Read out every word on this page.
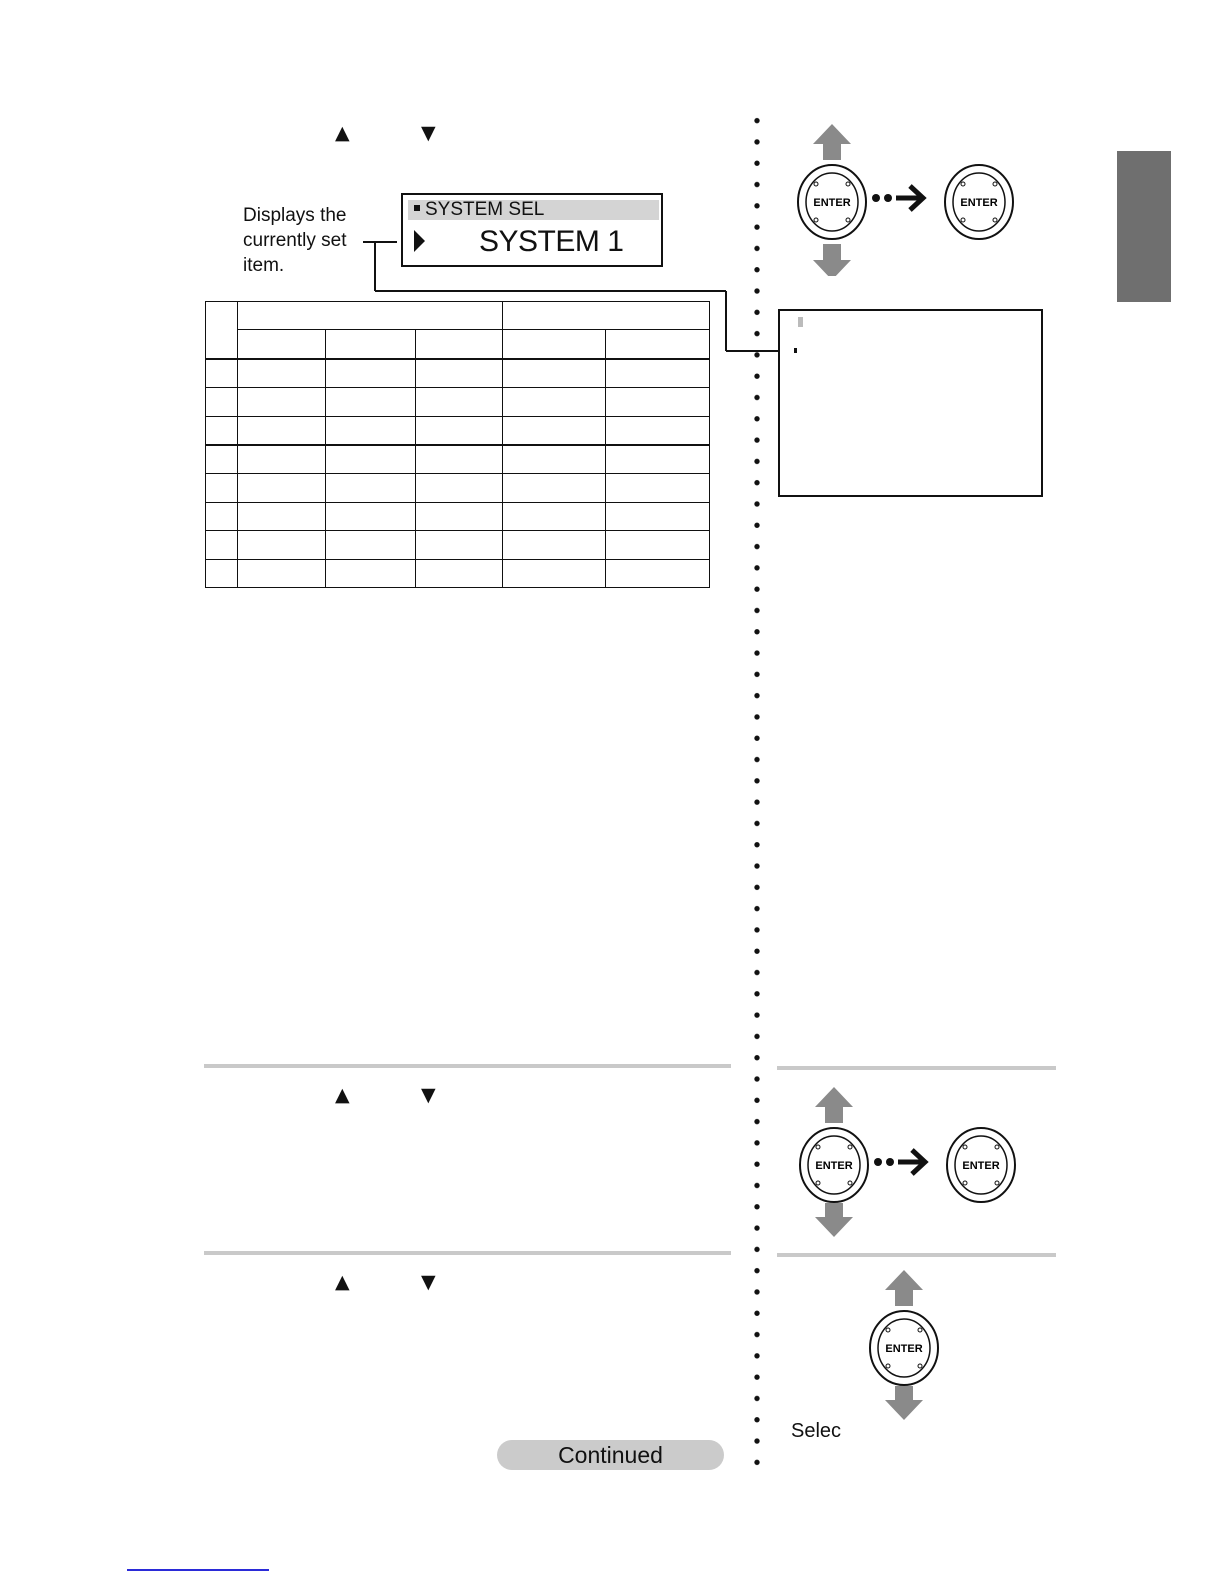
▲	▼
Displays the
currently set
item.
SYSTEM SEL
SYSTEM 1

ENTER	ENTER
▲	▼
ENTER	ENTER
▲	▼
ENTER
Selec
Continued
